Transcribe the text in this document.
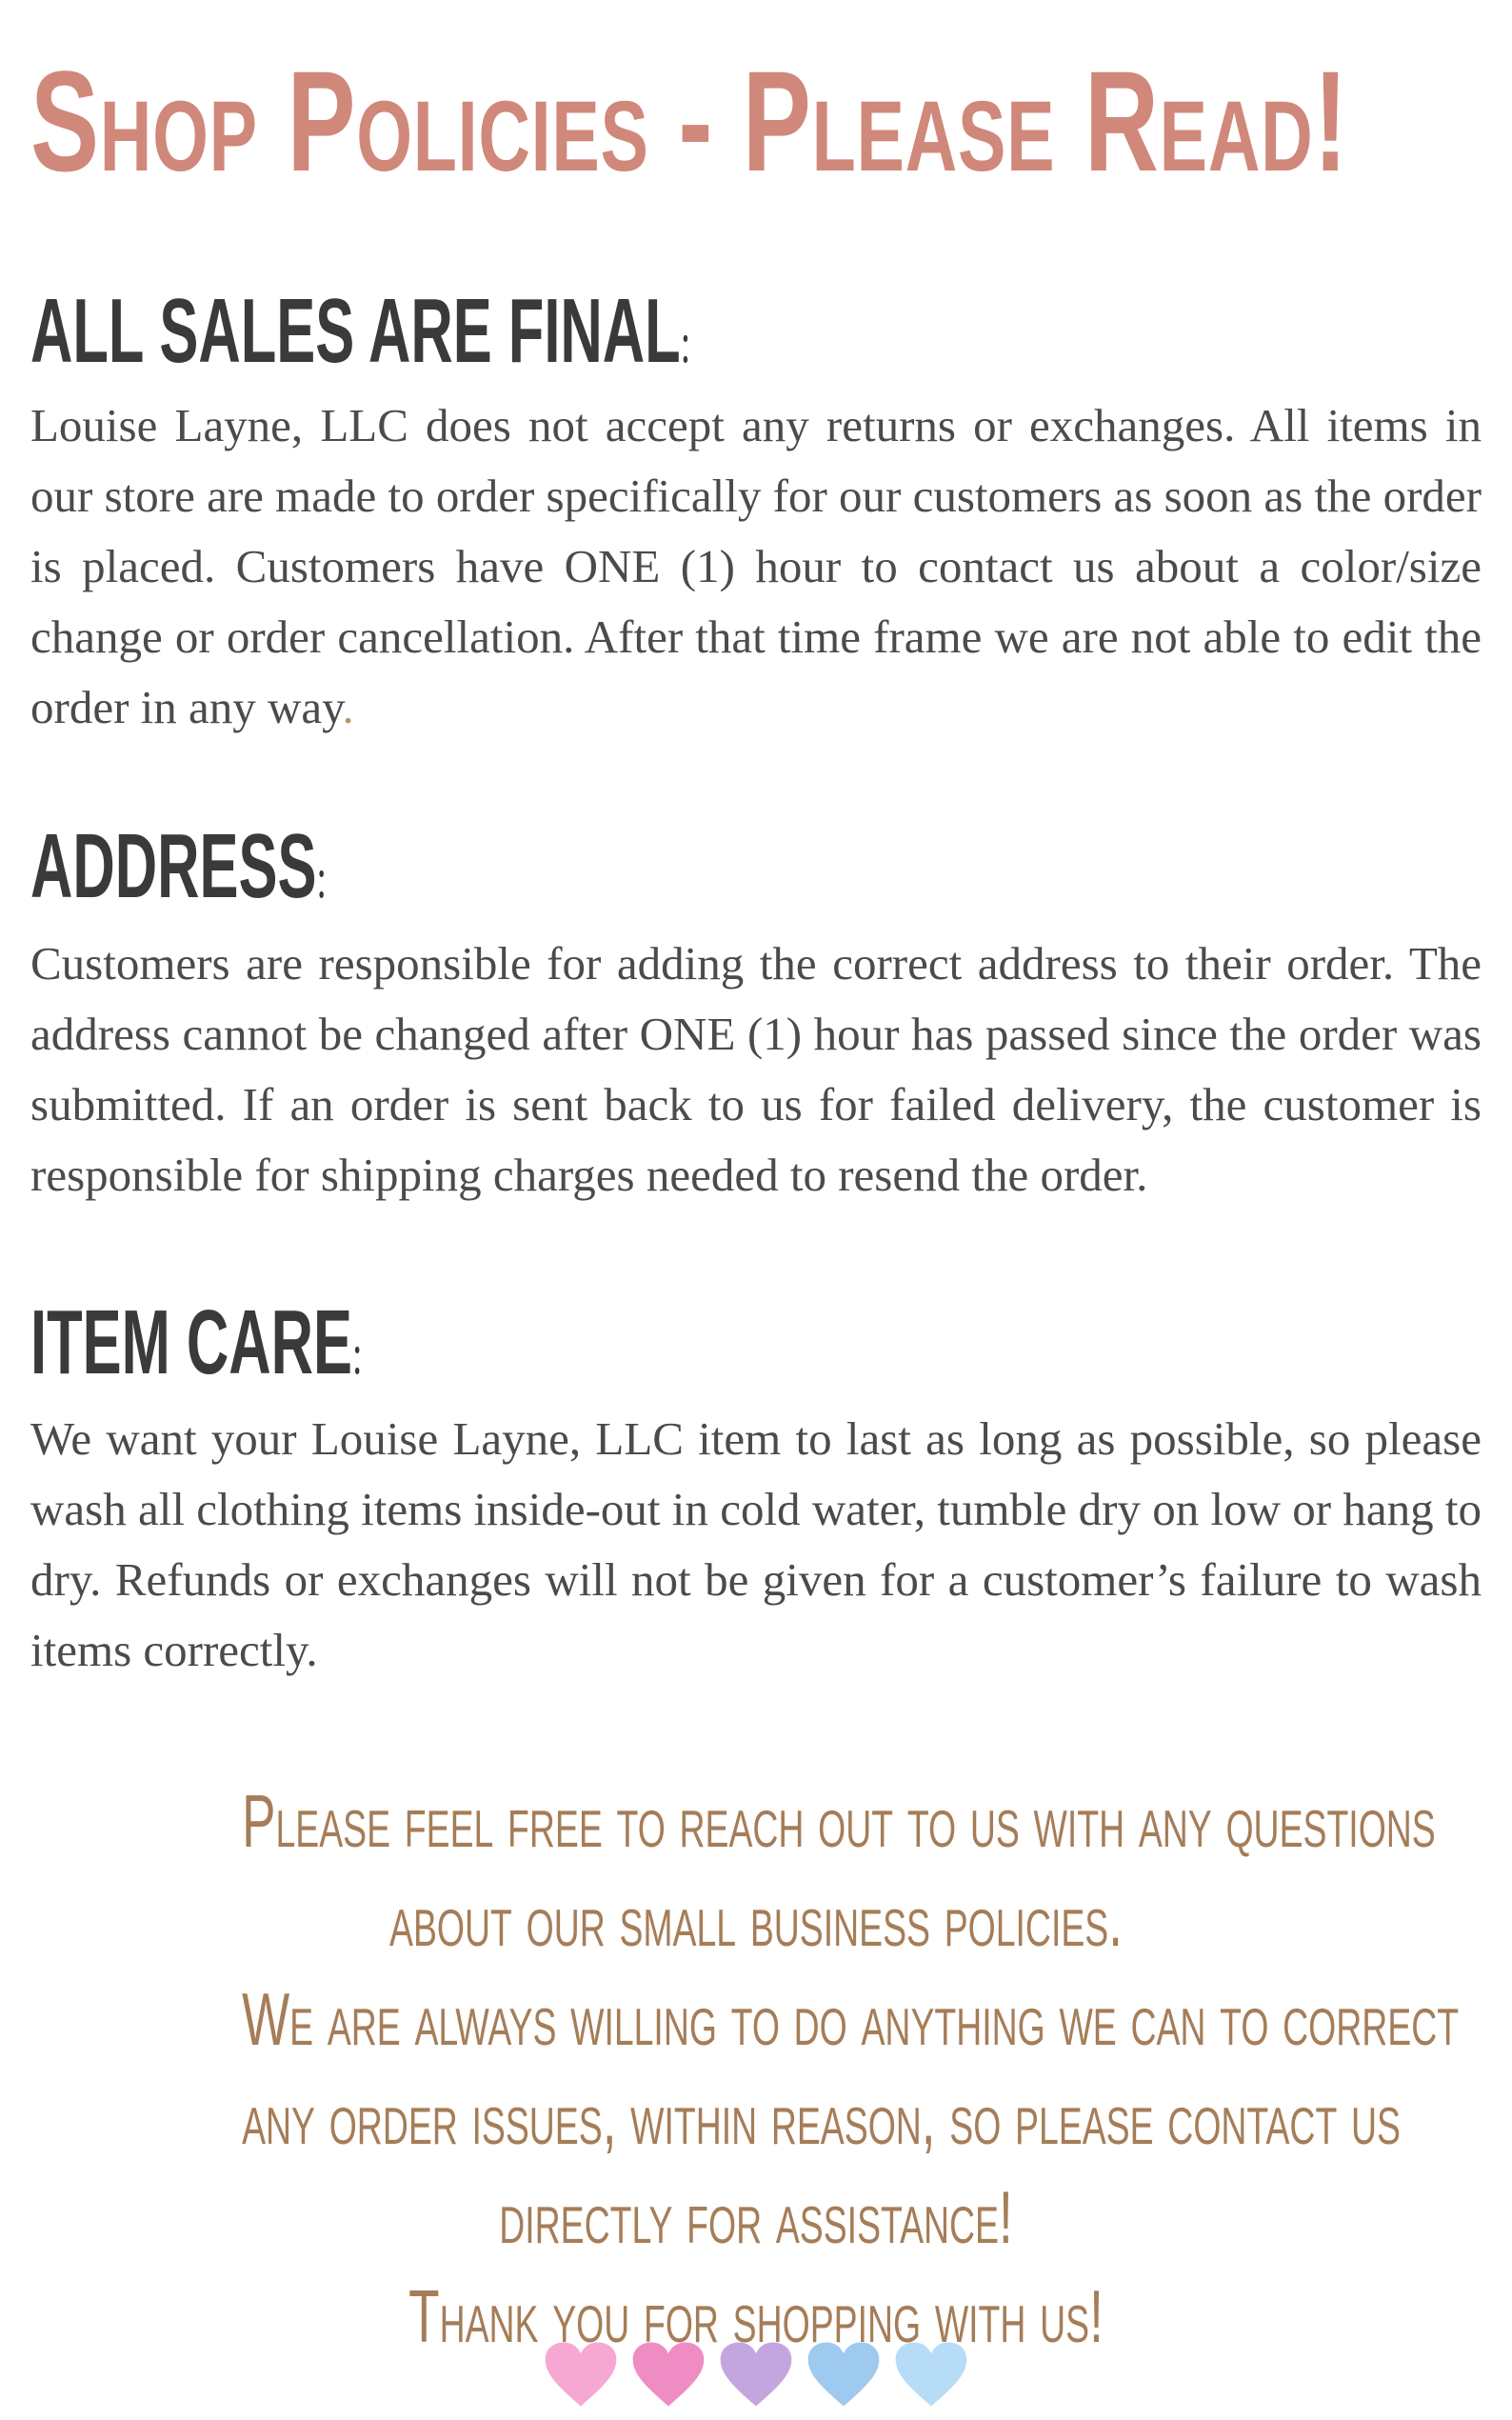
Shop Policies - Please Read!
ALL SALES ARE FINAL:

Louise Layne, LLC does not accept any returns or exchanges. All items in our store are made to order specifically for our customers as soon as the order is placed. Customers have ONE (1) hour to contact us about a color/size change or order cancellation. After that time frame we are not able to edit the order in any way.

ADDRESS:

Customers are responsible for adding the correct address to their order. The address cannot be changed after ONE (1) hour has passed since the order was submitted. If an order is sent back to us for failed delivery, the customer is responsible for shipping charges needed to resend the order.

ITEM CARE:

We want your Louise Layne, LLC item to last as long as possible, so please wash all clothing items inside-out in cold water, tumble dry on low or hang to dry. Refunds or exchanges will not be given for a customer’s failure to wash items correctly.

Please feel free to reach out to us with any questions
about our small business policies.
We are always willing to do anything we can to correct
any order issues, within reason, so please contact us
directly for assistance!
Thank you for shopping with us!
